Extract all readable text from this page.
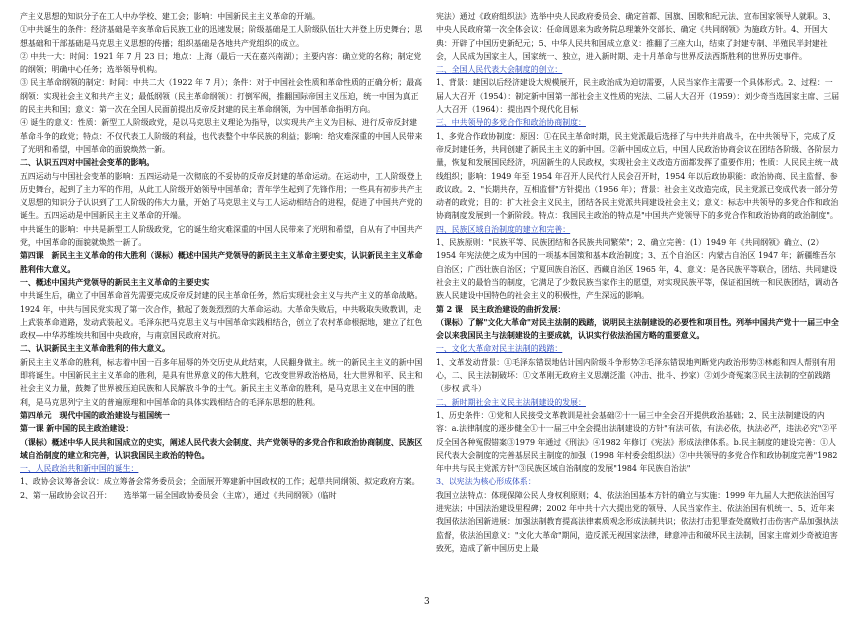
产主义思想的知识分子在工人中办学校、建工会；影响：中国新民主主义革命的开端。

①中共诞生的条件：经济基础是辛亥革命后民族工业的迅速发展；阶级基础是工人阶级队伍壮大并登上历史舞台；思想基础和干部基础是马克思主义思想的传播；组织基础是各地共产党组织的成立。

② 中共一大：时间：1921 年 7 月 23 日；地点：上海（最后一天在嘉兴南湖）；主要内容：确立党的名称；制定党的纲领；明确中心任务；选举领导机构。

③ 民主革命纲领的制定：时间：中共二大（1922 年 7 月）；条件：对于中国社会性质和革命性质的正确分析；最高纲领：实现社会主义和共产主义；最低纲领（民主革命纲领）：打倒军阀，推翻国际帝国主义压迫，统一中国为真正的民主共和国；意义：第一次在全国人民面前提出反帝反封建的民主革命纲领，为中国革命指明方向。

④ 诞生的意义：性质：新型工人阶级政党，是以马克思主义理论为指导，以实现共产主义为目标、进行反帝反封建革命斗争的政党；特点：不仅代表工人阶级的利益，也代表整个中华民族的利益；影响：给灾难深重的中国人民带来了光明和希望，中国革命的面貌焕然一新。

二、认识五四对中国社会变革的影响。

五四运动与中国社会变革的影响：五四运动是一次彻底的不妥协的反帝反封建的革命运动。在运动中，工人阶级登上历史舞台，起到了主力军的作用，从此工人阶级开始领导中国革命；青年学生起到了先锋作用；一些具有初步共产主义思想的知识分子认识到了工人阶级的伟大力量，开始了马克思主义与工人运动相结合的进程，促进了中国共产党的诞生。五四运动是中国新民主主义革命的开端。

中共诞生的影响：中共是新型工人阶级政党，它的诞生给灾难深重的中国人民带来了光明和希望，自从有了中国共产党，中国革命的面貌就焕然一新了。

第四课　新民主主义革命的伟大胜利（课标）概述中国共产党领导的新民主主义革命主要史实，认识新民主主义革命胜利伟大意义。

一、概述中国共产党领导的新民主主义革命的主要史实

中共诞生后，确立了中国革命首先需要完成反帝反封建的民主革命任务，然后实现社会主义与共产主义的革命战略。1924 年，中共与国民党实现了第一次合作，掀起了轰轰烈烈的大革命运动。大革命失败后，中共吸取失败教训，走上武装革命道路，发动武装起义。毛泽东把马克思主义与中国革命实践相结合，创立了农村革命根据地，建立了红色政权—中华苏维埃共和国中央政府，与南京国民政府对抗。

二、认识新民主主义革命胜利的伟大意义。

新民主主义革命的胜利，标志着中国一百多年屈辱的外交历史从此结束，人民翻身做主。统一的新民主主义的新中国即将诞生。中国新民主主义革命的胜利，是具有世界意义的伟大胜利，它改变世界政治格局，壮大世界和平、民主和社会主义力量，鼓舞了世界被压迫民族和人民解放斗争的士气。新民主主义革命的胜利，是马克思主义在中国的胜利，是马克思列宁主义的普遍原理和中国革命的具体实践相结合的毛泽东思想的胜利。

第四单元　现代中国的政治建设与祖国统一

第一课 新中国的民主政治建设：

（课标）概述中华人民共和国成立的史实，阐述人民代表大会制度、共产党领导的多党合作和政治协商制度、民族区域自治制度的建立和完善，认识我国民主政治的特色。

一、人民政治共和新中国的诞生：

1、政协会议筹备会议：成立筹备会常务委员会；全面展开筹建新中国政权的工作；起草共同纲领、拟定政府方案。2、第一届政协会议召开：　　选举第一届全国政协委员会（主席），通过《共同纲领》（临时

宪法）通过《政府组织法》选举中央人民政府委员会、确定首都、国旗、国歌和纪元法、宣布国家领导人就职。3、中央人民政府第一次全体会议：任命周恩来为政务院总理兼外交部长、确定《共同纲领》为施政方针。4、开国大典：开辟了中国历史新纪元；5、中华人民共和国成立意义：推翻了三座大山，结束了封建专制、半殖民半封建社会，人民成为国家主人，国家统一、独立，进入新时期、走十月革命与世界反法西斯胜利的世界历史事件。

二、全国人民代表大会制度的创立：

1、背景：建国以后经济建设大规模展开，民主政治成为迫切需要，人民当家作主需要一个具体形式。2、过程：一届人大召开（1954）：制定新中国第一部社会主义性质的宪法、二届人大召开（1959）：刘少奇当选国家主席、三届人大召开（1964）：提出四个现代化目标

三、中共领导的多党合作和政治协商制度：

1、多党合作政协制度：原因：①在民主革命时期，民主党派最后选择了与中共并肩战斗，在中共领导下，完成了反帝反封建任务，共同创建了新民主主义的新中国。②新中国成立后，中国人民政治协商会议在团结各阶级、各阶层力量，恢复和发展国民经济，巩固新生的人民政权，实现社会主义改造方面都发挥了重要作用；性质：人民民主统一战线组织；影响：1949 年至 1954 年召开人民代行人民会召开时，1954 年以后政协职能：政治协商、民主监督、参政议政。2、"长期共存，互相监督"方针提出（1956 年）；背景：社会主义改造完成，民主党派已变成代表一部分劳动者的政党；目的：扩大社会主义民主，团结各民主党派共同建设社会主义；意义：标志中共领导的多党合作和政治协商制度发展到一个新阶段。特点：我国民主政治的特点是"中国共产党领导下的多党合作和政治协商的政治制度"。

四、民族区域自治制度的建立和完善：

1、民族原则："民族平等、民族团结和各民族共同繁荣"；2、确立完善：(1）1949 年《共同纲领》确立、(2）1954 年宪法使之成为中国的一项基本国策和基本政治制度；3、五个自治区：内蒙古自治区 1947 年；新疆维吾尔自治区；广西壮族自治区；宁夏回族自治区、西藏自治区 1965 年，4、意义：是各民族平等联合，团结、共同建设社会主义的最恰当的制度，它满足了少数民族当家作主的愿望，对实现民族平等，保证祖国统一和民族团结，调动各族人民建设中国特色的社会主义的积极性，产生深远的影响。

第 2 课　民主政治建设的曲折发展：

（课标）了解"文化大革命"对民主法制的践踏，说明民主法制建设的必要性和项目性。列举中国共产党十一届三中全会以来我国民主与法制建设的主要成就，认识实行依法治国方略的重要意义。

一、文化大革命对民主法制的践踏：

1、文革发动背景：①毛泽东错误地估计国内阶级斗争形势②毛泽东错误地判断党内政治形势③林彪和四人帮别有用心，二、民主法制破坏：①文革刚无政府主义思潮泛滥（冲击、批斗、抄家）②刘少奇冤案③民主法制的空前践踏（步权 武斗）

二、新时期社会主义民主法制建设的发展：

1、历史条件：①党和人民接受文革教训是社会基础②十一届三中全会召开提供政治基础；2、民主法制建设的内容：a.法律制度的逐步健全①十一届三中全会提出法制建设的方针"有法可依，有法必依，执法必严，违法必究"②平反全国各种冤假错案③1979 年通过《刑法》④1982 年修订《宪法》形成法律体系。b.民主制度的建设完善：①人民代表大会制度的完善基层民主制度的加强（1998 年村委会组织法）②中共领导的多党合作和政协制度完善"1982 年中共与民主党派方针"③民族区域自治制度的发展"1984 年民族自治法"

3、以宪法为核心形成体系：

我国立法特点：体现保障公民人身权利原则；4、依法治国基本方针的确立与实施：1999 年九届人大把依法治国写进宪法；中国法治建设里程碑；2002 年中共十六大提出党的领导、人民当家作主、依法治国有机统一、5、近年来我国依法治国新进展：加强法制教育提高法律素质观念形成法制共识；依法打击犯罪查处腐败打击伤害产品加强执法监督，依法治国意义："文化大革命"期间，造反派无视国家法律，肆意冲击和破坏民主法制，国家主席刘少奇被迫害致死，造成了新中国历史上最

3
